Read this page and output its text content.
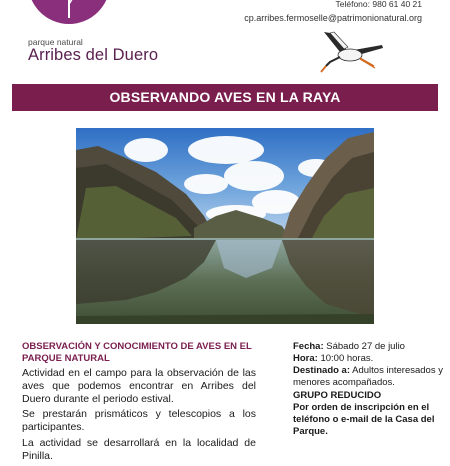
parque natural
Arribes del Duero
Teléfono: 980 61 40 21
cp.arribes.fermoselle@patrimonionatural.org
OBSERVANDO AVES EN LA RAYA
OBSERVACIÓN Y CONOCIMIENTO DE AVES EN EL PARQUE NATURAL

Actividad en el campo para la observación de las aves que podemos encontrar en Arribes del Duero durante el periodo estival.

Se prestarán prismáticos y telescopios a los participantes.

La actividad se desarrollará en la localidad de Pinilla.

Fecha: Sábado 27 de julio
Hora: 10:00 horas.
Destinado a: Adultos interesados y menores acompañados.
GRUPO REDUCIDO
Por orden de inscripción en el teléfono o e-mail de la Casa del Parque.
